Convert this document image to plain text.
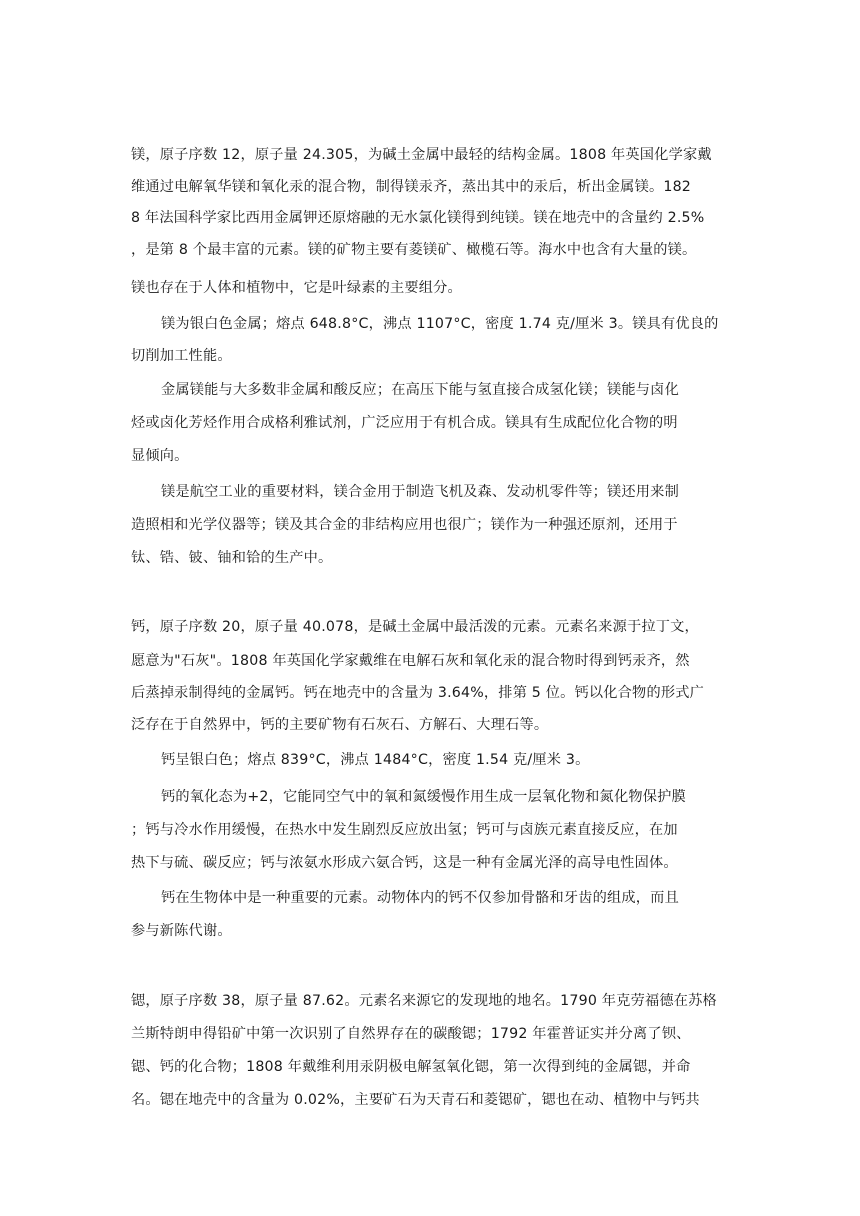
镁，原子序数 12，原子量 24.305，为碱土金属中最轻的结构金属。1808 年英国化学家戴
维通过电解氧华镁和氧化汞的混合物，制得镁汞齐，蒸出其中的汞后，析出金属镁。182
8 年法国科学家比西用金属钾还原熔融的无水氯化镁得到纯镁。镁在地壳中的含量约 2.5%
，是第 8 个最丰富的元素。镁的矿物主要有菱镁矿、橄榄石等。海水中也含有大量的镁。
镁也存在于人体和植物中，它是叶绿素的主要组分。
镁为银白色金属；熔点 648.8°C，沸点 1107°C，密度 1.74 克/厘米 3。镁具有优良的
切削加工性能。
金属镁能与大多数非金属和酸反应；在高压下能与氢直接合成氢化镁；镁能与卤化
烃或卤化芳烃作用合成格利雅试剂，广泛应用于有机合成。镁具有生成配位化合物的明
显倾向。
镁是航空工业的重要材料，镁合金用于制造飞机及森、发动机零件等；镁还用来制
造照相和光学仪器等；镁及其合金的非结构应用也很广；镁作为一种强还原剂，还用于
钛、锆、铍、铀和铪的生产中。
钙，原子序数 20，原子量 40.078，是碱土金属中最活泼的元素。元素名来源于拉丁文，
愿意为"石灰"。1808 年英国化学家戴维在电解石灰和氧化汞的混合物时得到钙汞齐，然
后蒸掉汞制得纯的金属钙。钙在地壳中的含量为 3.64%，排第 5 位。钙以化合物的形式广
泛存在于自然界中，钙的主要矿物有石灰石、方解石、大理石等。
钙呈银白色；熔点 839°C，沸点 1484°C，密度 1.54 克/厘米 3。
钙的氧化态为+2，它能同空气中的氧和氮缓慢作用生成一层氧化物和氮化物保护膜
；钙与冷水作用缓慢，在热水中发生剧烈反应放出氢；钙可与卤族元素直接反应，在加
热下与硫、碳反应；钙与浓氨水形成六氨合钙，这是一种有金属光泽的高导电性固体。
钙在生物体中是一种重要的元素。动物体内的钙不仅参加骨骼和牙齿的组成，而且
参与新陈代谢。
锶，原子序数 38，原子量 87.62。元素名来源它的发现地的地名。1790 年克劳福德在苏格
兰斯特朗申得铅矿中第一次识别了自然界存在的碳酸锶；1792 年霍普证实并分离了钡、
锶、钙的化合物；1808 年戴维利用汞阴极电解氢氧化锶，第一次得到纯的金属锶，并命
名。锶在地壳中的含量为 0.02%，主要矿石为天青石和菱锶矿，锶也在动、植物中与钙共
